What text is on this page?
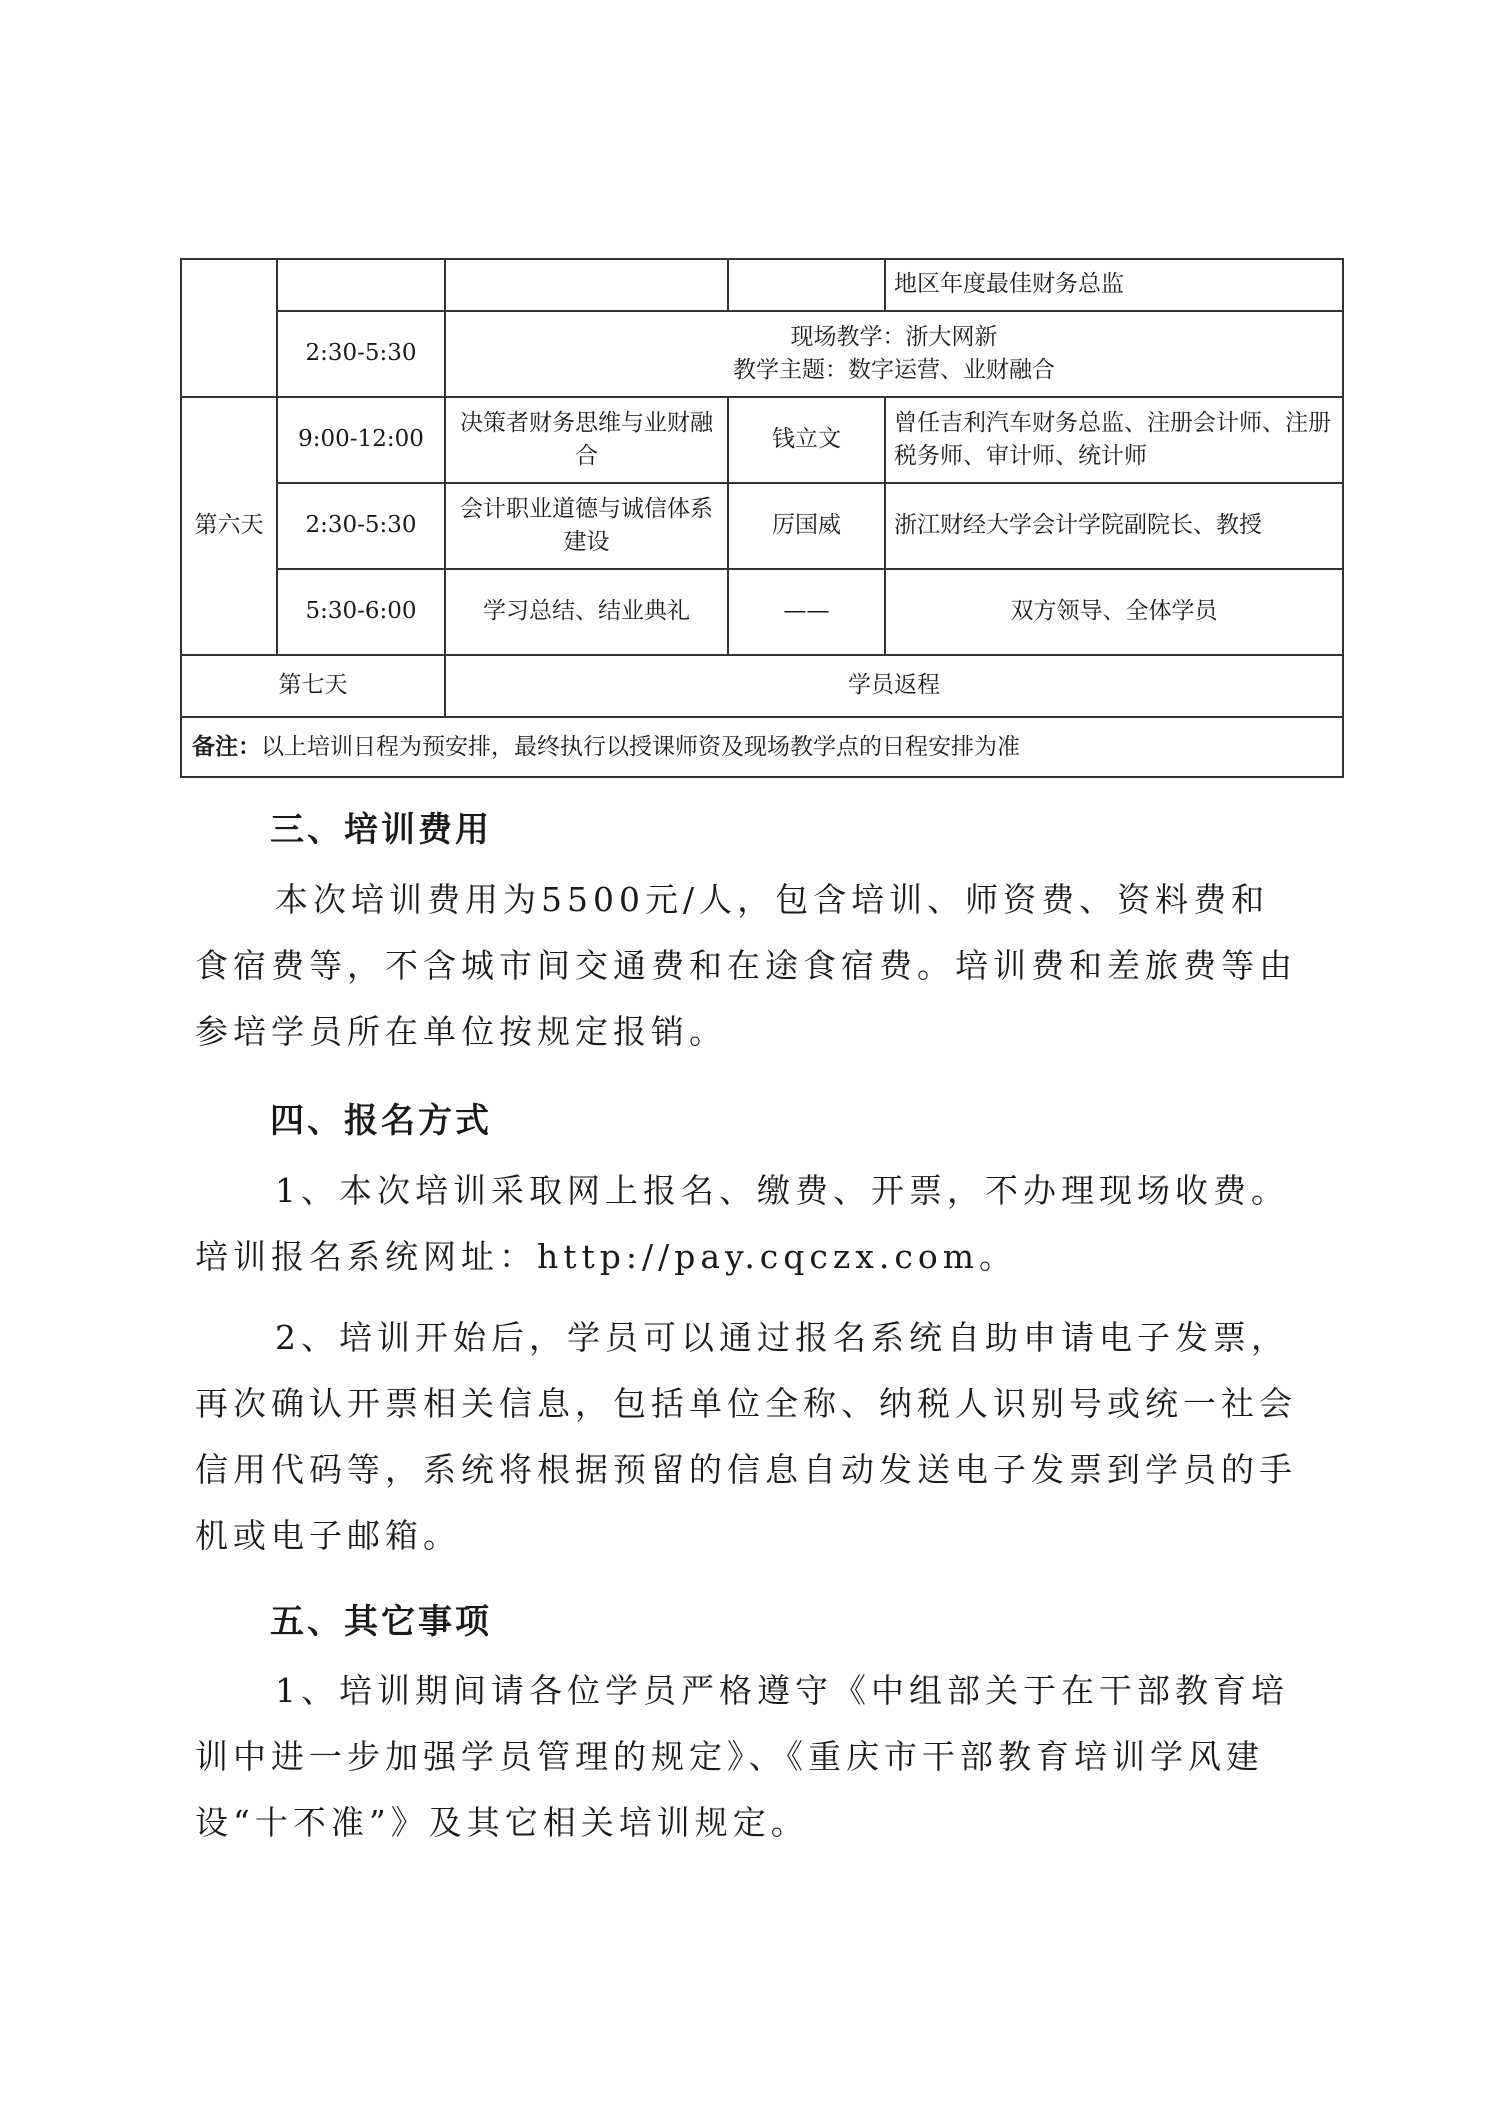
				地区年度最佳财务总监
	2:30-5:30	现场教学：浙大网新
教学主题：数字运营、业财融合		

第六天	9:00-12:00	决策者财务思维与业财融合	钱立文	曾任吉利汽车财务总监、注册会计师、注册税务师、审计师、统计师
	2:30-5:30	会计职业道德与诚信体系建设	厉国威	浙江财经大学会计学院副院长、教授
	5:30-6:00	学习总结、结业典礼	——	双方领导、全体学员
第七天		学员返程		
备注：以上培训日程为预安排，最终执行以授课师资及现场教学点的日程安排为准				
三、培训费用

本次培训费用为5500元/人，包含培训、师资费、资料费和食宿费等，不含城市间交通费和在途食宿费。培训费和差旅费等由参培学员所在单位按规定报销。

四、报名方式

1、本次培训采取网上报名、缴费、开票，不办理现场收费。培训报名系统网址：http://pay.cqczx.com。

2、培训开始后，学员可以通过报名系统自助申请电子发票，再次确认开票相关信息，包括单位全称、纳税人识别号或统一社会信用代码等，系统将根据预留的信息自动发送电子发票到学员的手机或电子邮箱。

五、其它事项

1、培训期间请各位学员严格遵守《中组部关于在干部教育培训中进一步加强学员管理的规定》、《重庆市干部教育培训学风建设“十不准”》及其它相关培训规定。
